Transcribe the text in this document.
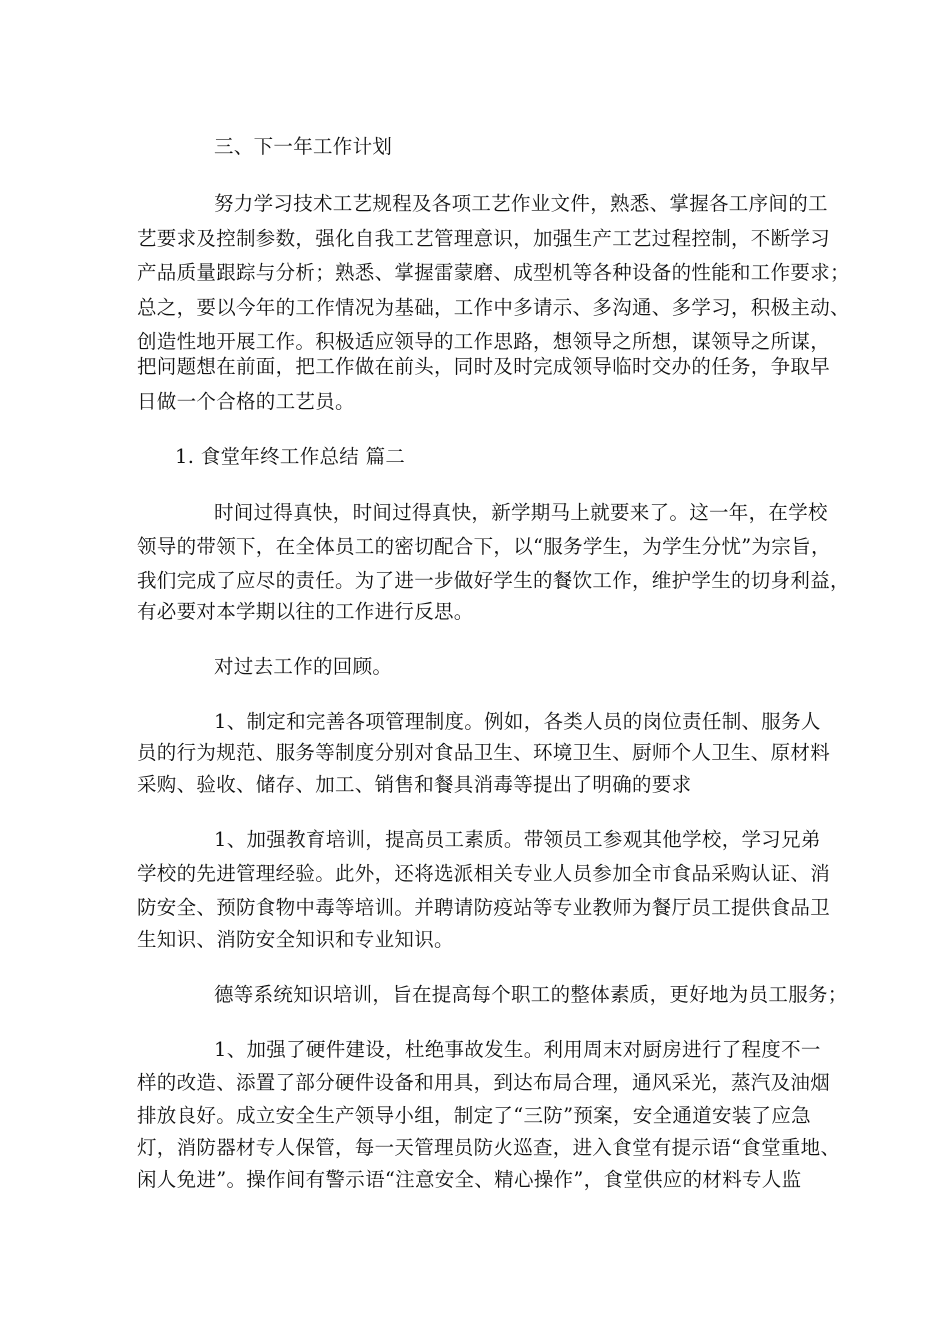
三、下一年工作计划
努力学习技术工艺规程及各项工艺作业文件，熟悉、掌握各工序间的工
艺要求及控制参数，强化自我工艺管理意识，加强生产工艺过程控制，不断学习
产品质量跟踪与分析；熟悉、掌握雷蒙磨、成型机等各种设备的性能和工作要求；
总之，要以今年的工作情况为基础，工作中多请示、多沟通、多学习，积极主动、
创造性地开展工作。积极适应领导的工作思路，想领导之所想，谋领导之所谋，
把问题想在前面，把工作做在前头，同时及时完成领导临时交办的任务，争取早
日做一个合格的工艺员。
1. 食堂年终工作总结 篇二
时间过得真快，时间过得真快，新学期马上就要来了。这一年，在学校
领导的带领下，在全体员工的密切配合下，以“服务学生，为学生分忧”为宗旨，
我们完成了应尽的责任。为了进一步做好学生的餐饮工作，维护学生的切身利益，
有必要对本学期以往的工作进行反思。
对过去工作的回顾。
1、制定和完善各项管理制度。例如，各类人员的岗位责任制、服务人
员的行为规范、服务等制度分别对食品卫生、环境卫生、厨师个人卫生、原材料
采购、验收、储存、加工、销售和餐具消毒等提出了明确的要求
1、加强教育培训，提高员工素质。带领员工参观其他学校，学习兄弟
学校的先进管理经验。此外，还将选派相关专业人员参加全市食品采购认证、消
防安全、预防食物中毒等培训。并聘请防疫站等专业教师为餐厅员工提供食品卫
生知识、消防安全知识和专业知识。
德等系统知识培训，旨在提高每个职工的整体素质，更好地为员工服务；
1、加强了硬件建设，杜绝事故发生。利用周末对厨房进行了程度不一
样的改造、添置了部分硬件设备和用具，到达布局合理，通风采光，蒸汽及油烟
排放良好。成立安全生产领导小组，制定了“三防”预案，安全通道安装了应急
灯，消防器材专人保管，每一天管理员防火巡查，进入食堂有提示语“食堂重地、
闲人免进”。操作间有警示语“注意安全、精心操作”，食堂供应的材料专人监
